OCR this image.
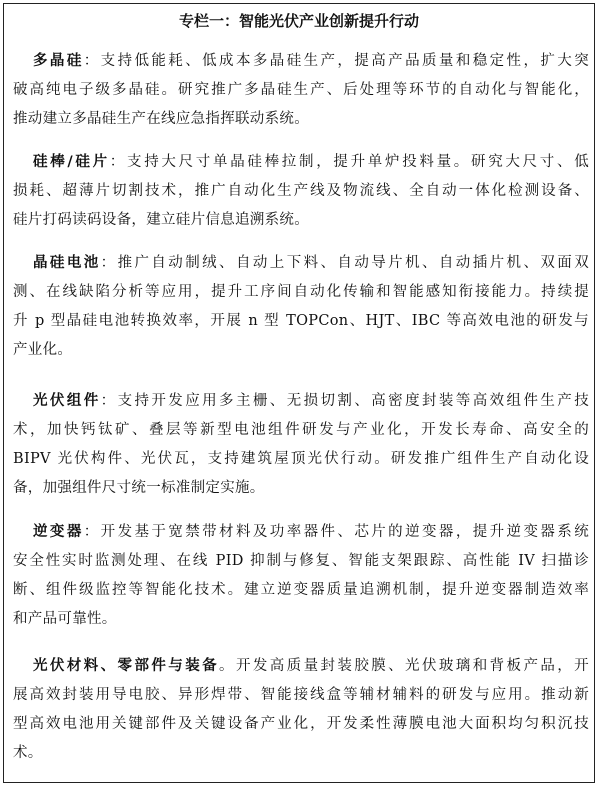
专栏一：智能光伏产业创新提升行动
多晶硅：支持低能耗、低成本多晶硅生产，提高产品质量和稳定性，扩大突
破高纯电子级多晶硅。研究推广多晶硅生产、后处理等环节的自动化与智能化，
推动建立多晶硅生产在线应急指挥联动系统。
硅棒/硅片：支持大尺寸单晶硅棒拉制，提升单炉投料量。研究大尺寸、低
损耗、超薄片切割技术，推广自动化生产线及物流线、全自动一体化检测设备、
硅片打码读码设备，建立硅片信息追溯系统。
晶硅电池：推广自动制绒、自动上下料、自动导片机、自动插片机、双面双
测、在线缺陷分析等应用，提升工序间自动化传输和智能感知衔接能力。持续提
升 p 型晶硅电池转换效率，开展 n 型 TOPCon、HJT、IBC 等高效电池的研发与
产业化。
光伏组件：支持开发应用多主栅、无损切割、高密度封装等高效组件生产技
术，加快钙钛矿、叠层等新型电池组件研发与产业化，开发长寿命、高安全的
BIPV 光伏构件、光伏瓦，支持建筑屋顶光伏行动。研发推广组件生产自动化设
备，加强组件尺寸统一标准制定实施。
逆变器：开发基于宽禁带材料及功率器件、芯片的逆变器，提升逆变器系统
安全性实时监测处理、在线 PID 抑制与修复、智能支架跟踪、高性能 IV 扫描诊
断、组件级监控等智能化技术。建立逆变器质量追溯机制，提升逆变器制造效率
和产品可靠性。
光伏材料、零部件与装备。开发高质量封装胶膜、光伏玻璃和背板产品，开
展高效封装用导电胶、异形焊带、智能接线盒等辅材辅料的研发与应用。推动新
型高效电池用关键部件及关键设备产业化，开发柔性薄膜电池大面积均匀积沉技
术。
